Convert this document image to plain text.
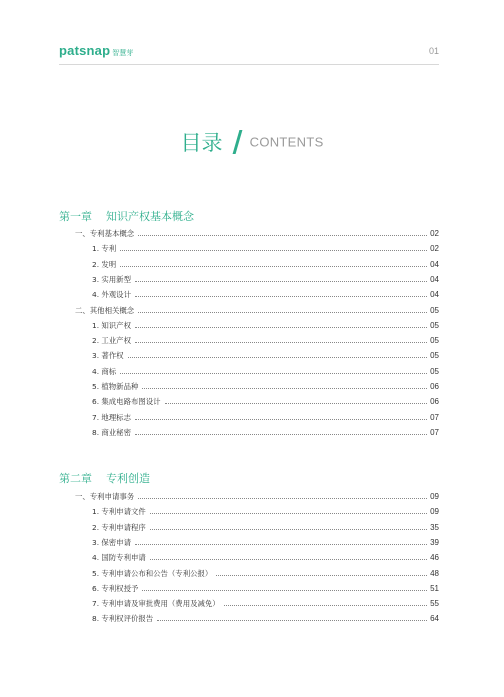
patsnap 智慧芽	01
目录 CONTENTS
第一章 知识产权基本概念
一、专利基本概念	02
1. 专利	02
2. 发明	04
3. 实用新型	04
4. 外观设计	04
二、其他相关概念	05
1. 知识产权	05
2. 工业产权	05
3. 著作权	05
4. 商标	05
5. 植物新品种	06
6. 集成电路布图设计	06
7. 地理标志	07
8. 商业秘密	07
第二章 专利创造
一、专利申请事务	09
1. 专利申请文件	09
2. 专利申请程序	35
3. 保密申请	39
4. 国防专利申请	46
5. 专利申请公布和公告（专利公报）	48
6. 专利权授予	51
7. 专利申请及审批费用（费用及减免）	55
8. 专利权评价报告	64
